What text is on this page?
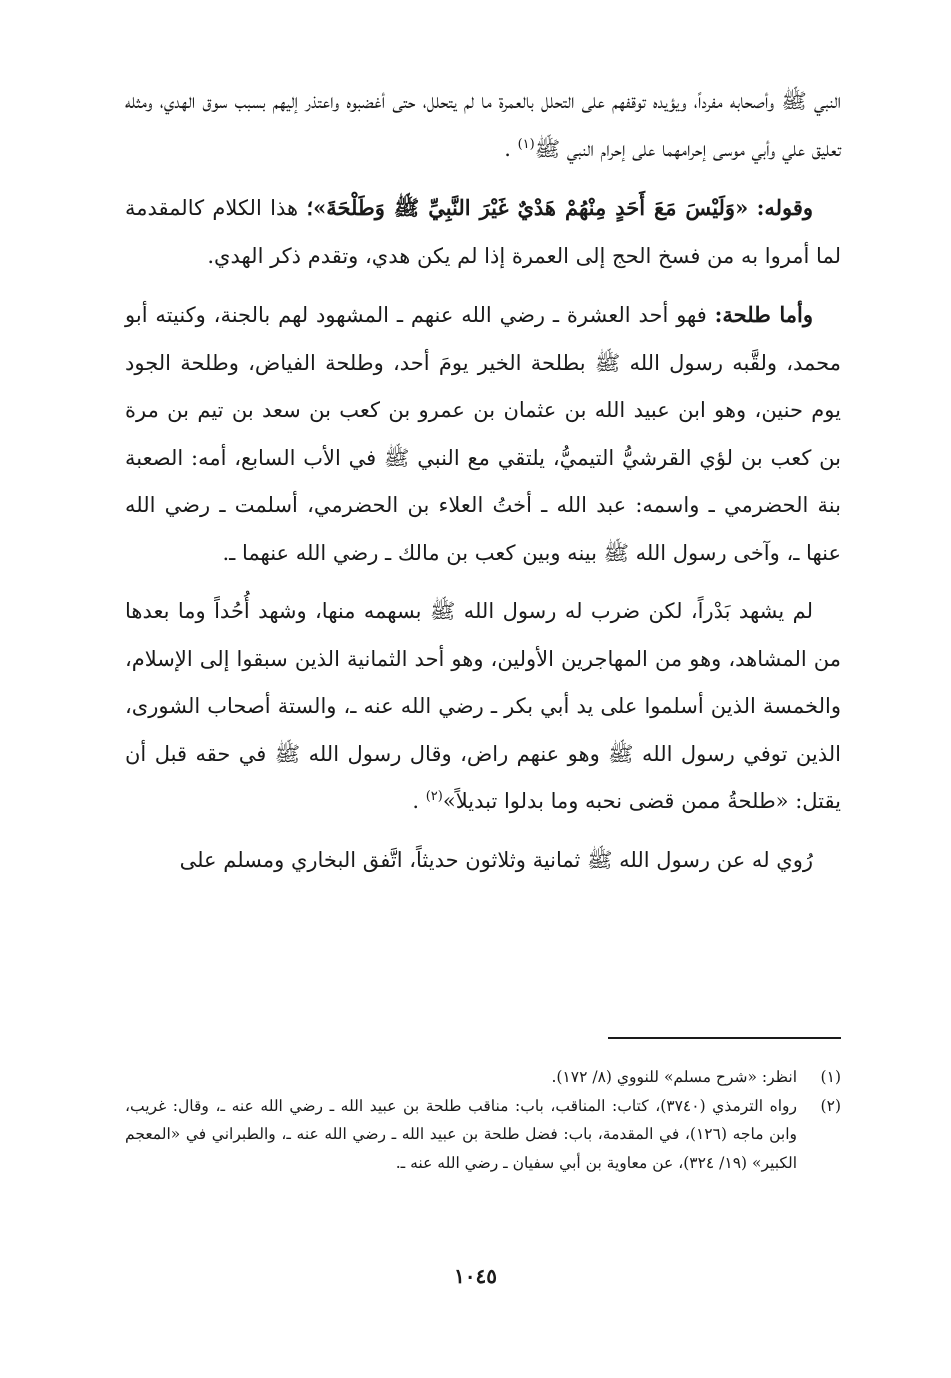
النبي ﷺ وأصحابه مفرداً، ويؤيده توقفهم على التحلل بالعمرة ما لم يتحلل، حتى أغضبوه واعتذر إليهم بسبب سوق الهدي، ومثله تعليق علي وأبي موسى إحرامهما على إحرام النبي ﷺ$^{(١)}$ .

وقوله: «وَلَيْسَ مَعَ أَحَدٍ مِنْهُمْ هَدْيٌ غَيْرَ النَّبِيِّ ﷺ وَطَلْحَةَ»؛ هذا الكلام كالمقدمة لما أمروا به من فسخ الحج إلى العمرة إذا لم يكن هدي، وتقدم ذكر الهدي.

وأما طلحة: فهو أحد العشرة ـ رضي الله عنهم ـ المشهود لهم بالجنة، وكنيته أبو محمد، ولقَّبه رسول الله ﷺ بطلحة الخير يومَ أحد، وطلحة الفياض، وطلحة الجود يوم حنين، وهو ابن عبيد الله بن عثمان بن عمرو بن كعب بن سعد بن تيم بن مرة بن كعب بن لؤي القرشيُّ التيميُّ، يلتقي مع النبي ﷺ في الأب السابع، أمه: الصعبة بنة الحضرمي ـ واسمه: عبد الله ـ أختُ العلاء بن الحضرمي، أسلمت ـ رضي الله عنها ـ، وآخى رسول الله ﷺ بينه وبين كعب بن مالك ـ رضي الله عنهما ـ.

لم يشهد بَدْراً، لكن ضرب له رسول الله ﷺ بسهمه منها، وشهد أُحُداً وما بعدها من المشاهد، وهو من المهاجرين الأولين، وهو أحد الثمانية الذين سبقوا إلى الإسلام، والخمسة الذين أسلموا على يد أبي بكر ـ رضي الله عنه ـ، والستة أصحاب الشورى، الذين توفي رسول الله ﷺ وهو عنهم راض، وقال رسول الله ﷺ في حقه قبل أن يقتل: «طلحةُ ممن قضى نحبه وما بدلوا تبديلاً»$^{(٢)}$ .

رُوي له عن رسول الله ﷺ ثمانية وثلاثون حديثاً، اتَّفق البخاري ومسلم على

(١)
انظر: «شرح مسلم» للنووي (٨/ ١٧٢).
(٢)
رواه الترمذي (٣٧٤٠)، كتاب: المناقب، باب: مناقب طلحة بن عبيد الله ـ رضي الله عنه ـ، وقال: غريب، وابن ماجه (١٢٦)، في المقدمة، باب: فضل طلحة بن عبيد الله ـ رضي الله عنه ـ، والطبراني في «المعجم الكبير» (١٩/ ٣٢٤)، عن معاوية بن أبي سفيان ـ رضي الله عنه ـ.
١٠٤٥
